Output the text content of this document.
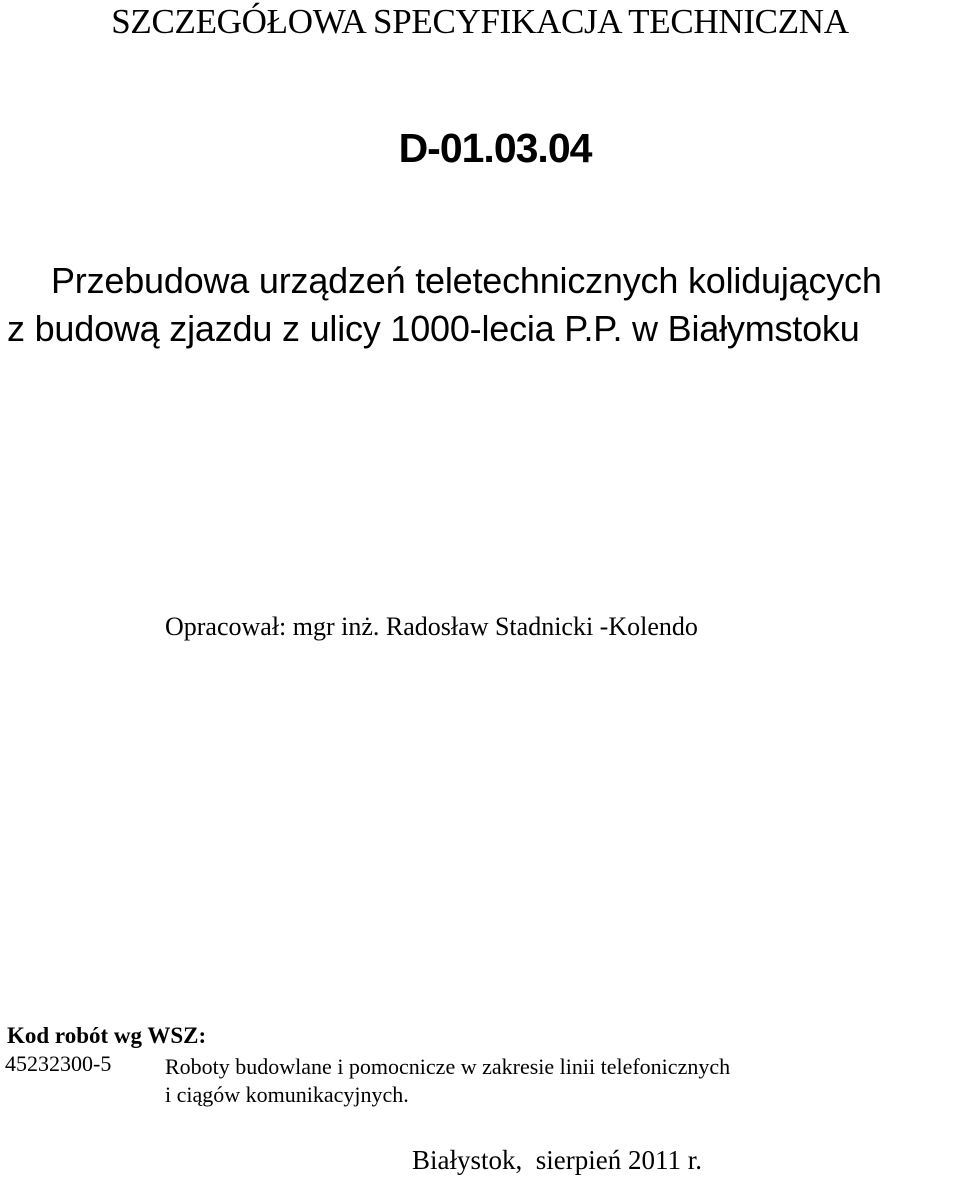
SZCZEGÓŁOWA SPECYFIKACJA TECHNICZNA
D-01.03.04
Przebudowa urządzeń teletechnicznych kolidujących
z budową zjazdu z ulicy 1000-lecia P.P. w Białymstoku
Opracował: mgr inż. Radosław Stadnicki -Kolendo
Kod robót wg WSZ:
45232300-5 Roboty budowlane i pomocnicze w zakresie linii telefonicznych
i ciągów komunikacyjnych.
Białystok,  sierpień 2011 r.
